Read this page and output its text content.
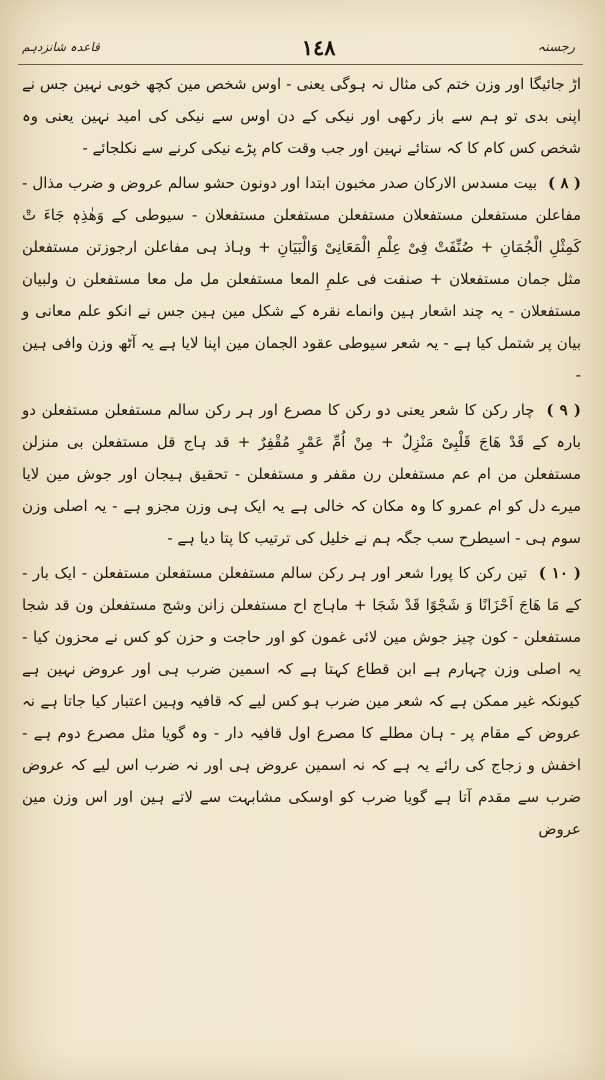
قاعدہ شانزدہم	١٤٨	رجسنہ

اڑ جائیگا اور وزن ختم کی مثال نہ ہوگی یعنی - اوس شخص مین کچھ خوبی نہین جس نے اپنی بدی تو ہم سے باز رکھی اور نیکی کے دن اوس سے نیکی کی امید نہین یعنی وہ شخص کس کام کا کہ ستائے نہین اور جب وقت کام پڑے نیکی کرنے سے نکلجائے -

( ٨ ) بیت مسدس الارکان صدر مخبون ابتدا اور دونون حشو سالم عروض و ضرب مذال - مفاعلن مستفعلن مستفعلان مستفعلن مستفعلن مستفعلان - سیوطی کے وَهٰذِهٖ جَاءَ تْ كَمِثْلِ الْجُمَانِ + صُنِّفَتْ فِیْ عِلْمِ الْمَعَانِیْ وَالْبَیَانِ + وہاذ ہی مفاعلن ارجوزتن مستفعلن مثل جمان مستفعلان + صنفت فی علمِ المعا مستفعلن مل مل معا مستفعلن ن ولبیان مستفعلان - یہ چند اشعار ہین وانماے نقرہ کے شکل مین ہین جس نے انکو علم معانی و بیان پر شتمل کیا ہے - یہ شعر سیوطی عقود الجمان مین اپنا لایا ہے یہ آٹھ وزن وافی ہین -

( ٩ ) چار رکن کا شعر یعنی دو رکن کا مصرع اور ہر رکن سالم مستفعلن مستفعلن دو بارہ کے قَدْ هَاجَ قَلْبِیْ مَنْزِلٌ + مِنْ اُمِّ عَمْرٍ مُقْفِرٌ + قد ہاج قل مستفعلن بی منزلن مستفعلن من ام عم مستفعلن رن مقفر و مستفعلن - تحقیق ہیجان اور جوش مین لایا میرے دل کو ام عمرو کا وہ مکان کہ خالی ہے یہ ایک ہی وزن مجزو ہے - یہ اصلی وزن سوم ہی - اسیطرح سب جگہ ہم نے خلیل کی ترتیب کا پتا دیا ہے -

( ١٠ ) تین رکن کا پورا شعر اور ہر رکن سالم مستفعلن مستفعلن مستفعلن - ایک بار - کے مَا هَاجَ اَحْزَانًا وَ شَجْوًا قَدْ شَجَا + ماہاج اح مستفعلن زانن وشج مستفعلن ون قد شجا مستفعلن - کون چیز جوش مین لائی غمون کو اور حاجت و حزن کو کس نے محزون کیا - یہ اصلی وزن چہارم ہے ابن قطاع کہتا ہے کہ اسمین ضرب ہی اور عروض نہین ہے کیونکہ غیر ممکن ہے کہ شعر مین ضرب ہو کس لیے کہ قافیہ وہین اعتبار کیا جاتا ہے نہ عروض کے مقام پر - ہان مطلے کا مصرع اول قافیہ دار - وہ گویا مثل مصرع دوم ہے - اخفش و زجاج کی رائے یہ ہے کہ نہ اسمین عروض ہی اور نہ ضرب اس لیے کہ عروض ضرب سے مقدم آتا ہے گویا ضرب کو اوسکی مشابہت سے لاتے ہین اور اس وزن مین عروض
